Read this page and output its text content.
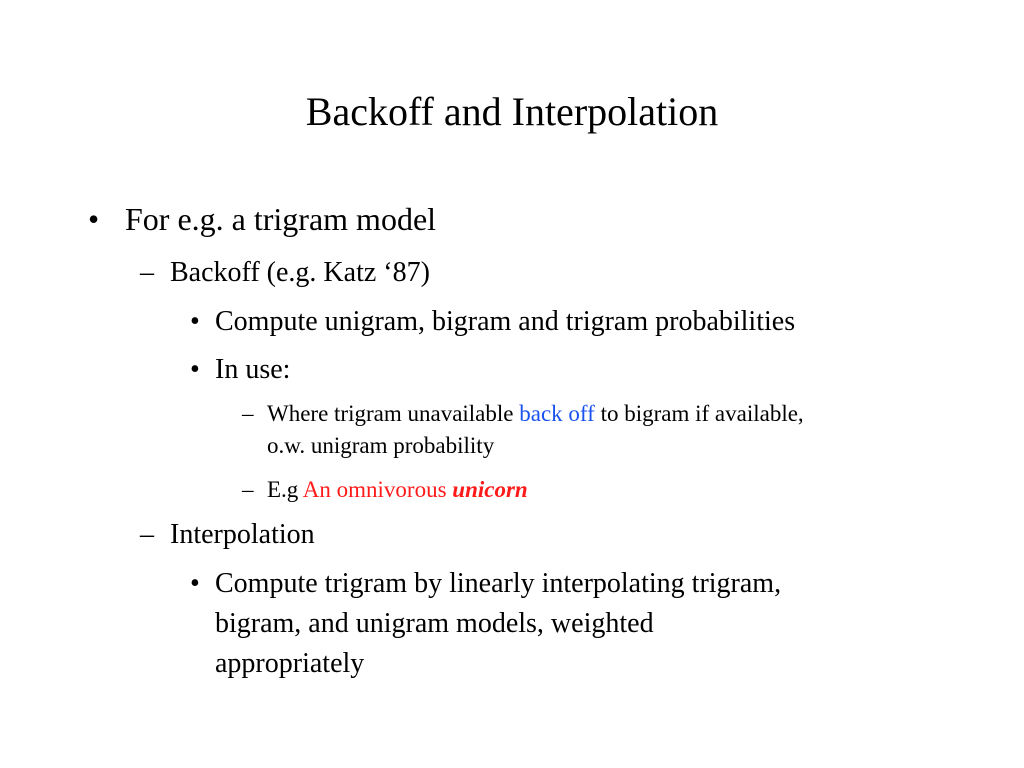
Backoff and Interpolation
• For e.g. a trigram model
– Backoff (e.g. Katz ‘87)
• Compute unigram, bigram and trigram probabilities
• In use:
– Where trigram unavailable back off to bigram if available,
o.w. unigram probability
– E.g An omnivorous unicorn
– Interpolation
• Compute trigram by linearly interpolating trigram,
bigram, and unigram models, weighted
appropriately
